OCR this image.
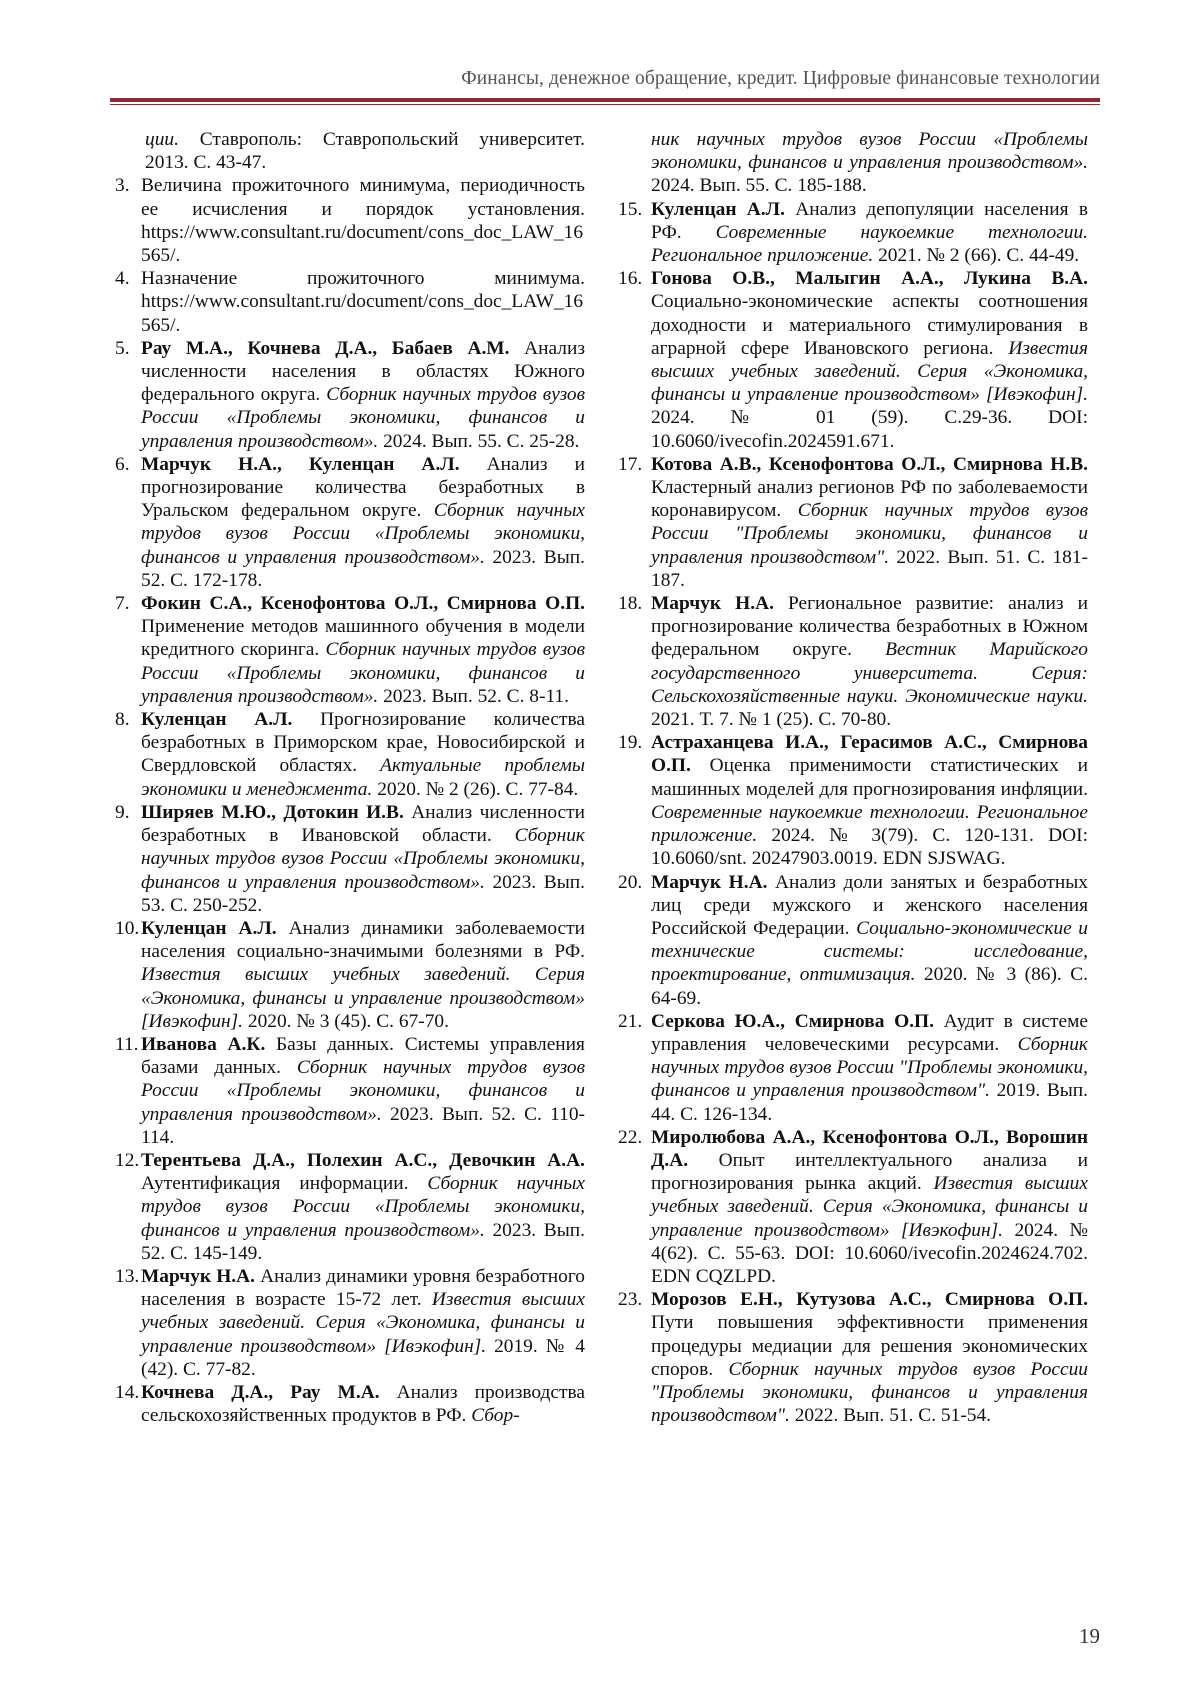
Финансы, денежное обращение, кредит. Цифровые финансовые технологии
ции. Ставрополь: Ставропольский университет. 2013. С. 43-47.
3. Величина прожиточного минимума, периодичность ее исчисления и порядок установления. https://www.consultant.ru/document/cons_doc_LAW_16565/.
4. Назначение прожиточного минимума. https://www.consultant.ru/document/cons_doc_LAW_16565/.
5. Рау М.А., Кочнева Д.А., Бабаев А.М. Анализ численности населения в областях Южного федерального округа. Сборник научных трудов вузов России «Проблемы экономики, финансов и управления производством». 2024. Вып. 55. С. 25-28.
6. Марчук Н.А., Куленцан А.Л. Анализ и прогнозирование количества безработных в Уральском федеральном округе. Сборник научных трудов вузов России «Проблемы экономики, финансов и управления производством». 2023. Вып. 52. С. 172-178.
7. Фокин С.А., Ксенофонтова О.Л., Смирнова О.П. Применение методов машинного обучения в модели кредитного скоринга. Сборник научных трудов вузов России «Проблемы экономики, финансов и управления производством». 2023. Вып. 52. С. 8-11.
8. Куленцан А.Л. Прогнозирование количества безработных в Приморском крае, Новосибирской и Свердловской областях. Актуальные проблемы экономики и менеджмента. 2020. № 2 (26). С. 77-84.
9. Ширяев М.Ю., Дотокин И.В. Анализ численности безработных в Ивановской области. Сборник научных трудов вузов России «Проблемы экономики, финансов и управления производством». 2023. Вып. 53. С. 250-252.
10. Куленцан А.Л. Анализ динамики заболеваемости населения социально-значимыми болезнями в РФ. Известия высших учебных заведений. Серия «Экономика, финансы и управление производством» [Ивэкофин]. 2020. № 3 (45). С. 67-70.
11. Иванова А.К. Базы данных. Системы управления базами данных. Сборник научных трудов вузов России «Проблемы экономики, финансов и управления производством». 2023. Вып. 52. С. 110-114.
12. Терентьева Д.А., Полехин А.С., Девочкин А.А. Аутентификация информации. Сборник научных трудов вузов России «Проблемы экономики, финансов и управления производством». 2023. Вып. 52. С. 145-149.
13. Марчук Н.А. Анализ динамики уровня безработного населения в возрасте 15-72 лет. Известия высших учебных заведений. Серия «Экономика, финансы и управление производством» [Ивэкофин]. 2019. № 4 (42). С. 77-82.
14. Кочнева Д.А., Рау М.А. Анализ производства сельскохозяйственных продуктов в РФ. Сбор-
ник научных трудов вузов России «Проблемы экономики, финансов и управления производством». 2024. Вып. 55. С. 185-188.
15. Куленцан А.Л. Анализ депопуляции населения в РФ. Современные наукоемкие технологии. Региональное приложение. 2021. № 2 (66). С. 44-49.
16. Гонова О.В., Малыгин А.А., Лукина В.А. Социально-экономические аспекты соотношения доходности и материального стимулирования в аграрной сфере Ивановского региона. Известия высших учебных заведений. Серия «Экономика, финансы и управление производством» [Ивэкофин]. 2024. № 01 (59). С.29-36. DOI: 10.6060/ivecofin.2024591.671.
17. Котова А.В., Ксенофонтова О.Л., Смирнова Н.В. Кластерный анализ регионов РФ по заболеваемости коронавирусом. Сборник научных трудов вузов России "Проблемы экономики, финансов и управления производством". 2022. Вып. 51. С. 181-187.
18. Марчук Н.А. Региональное развитие: анализ и прогнозирование количества безработных в Южном федеральном округе. Вестник Марийского государственного университета. Серия: Сельскохозяйственные науки. Экономические науки. 2021. Т. 7. № 1 (25). С. 70-80.
19. Астраханцева И.А., Герасимов А.С., Смирнова О.П. Оценка применимости статистических и машинных моделей для прогнозирования инфляции. Современные наукоемкие технологии. Региональное приложение. 2024. № 3(79). С. 120-131. DOI: 10.6060/snt. 20247903.0019. EDN SJSWAG.
20. Марчук Н.А. Анализ доли занятых и безработных лиц среди мужского и женского населения Российской Федерации. Социально-экономические и технические системы: исследование, проектирование, оптимизация. 2020. № 3 (86). С. 64-69.
21. Серкова Ю.А., Смирнова О.П. Аудит в системе управления человеческими ресурсами. Сборник научных трудов вузов России "Проблемы экономики, финансов и управления производством". 2019. Вып. 44. С. 126-134.
22. Миролюбова А.А., Ксенофонтова О.Л., Ворошин Д.А. Опыт интеллектуального анализа и прогнозирования рынка акций. Известия высших учебных заведений. Серия «Экономика, финансы и управление производством» [Ивэкофин]. 2024. № 4(62). С. 55-63. DOI: 10.6060/ivecofin.2024624.702. EDN CQZLPD.
23. Морозов Е.Н., Кутузова А.С., Смирнова О.П. Пути повышения эффективности применения процедуры медиации для решения экономических споров. Сборник научных трудов вузов России "Проблемы экономики, финансов и управления производством". 2022. Вып. 51. С. 51-54.
19
